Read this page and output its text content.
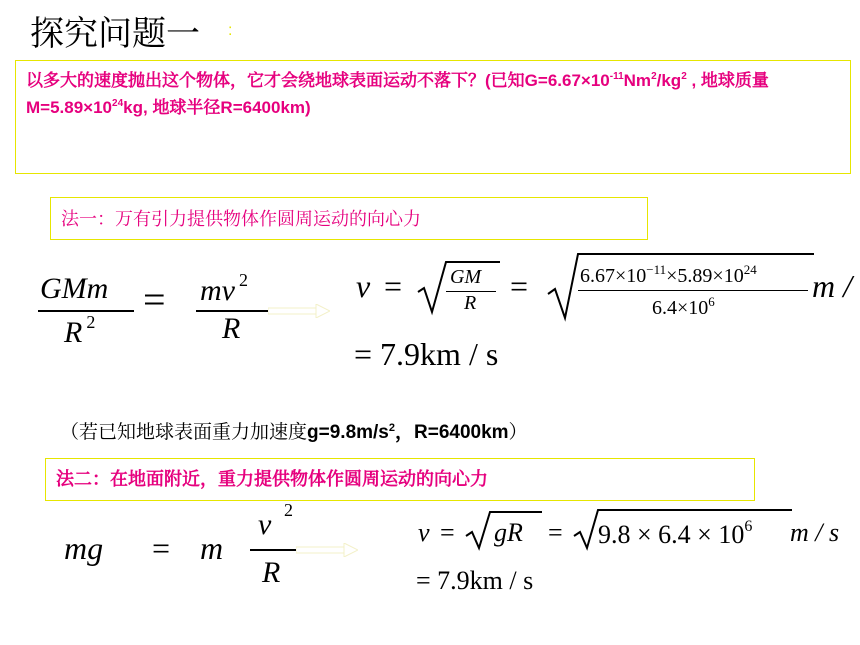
探究问题一 :
以多大的速度抛出这个物体，它才会绕地球表面运动不落下？(已知$G=6.67\times 10^{-11}Nm^2/kg^2$ , 地球质量$M=5.89\times 10^{24}kg$, 地球半径R=6400km)
法一：万有引力提供物体作圆周运动的向心力
GMm
R $^2$ = mv $^2$
R
v = GM
R =	$6.67\times 10^{-11}\times 5.89\times 10^{24}$
$6.4\times 10^6$	m /
= 7.9km / s
（若已知地球表面重力加速度$g=9.8m/s^2$，R=6400km）
法二：在地面附近，重力提供物体作圆周运动的向心力
mg = m
v 2
R
v = gR = $9.8 \times 6.4 \times 10^6$ m / s
= 7.9km / s
